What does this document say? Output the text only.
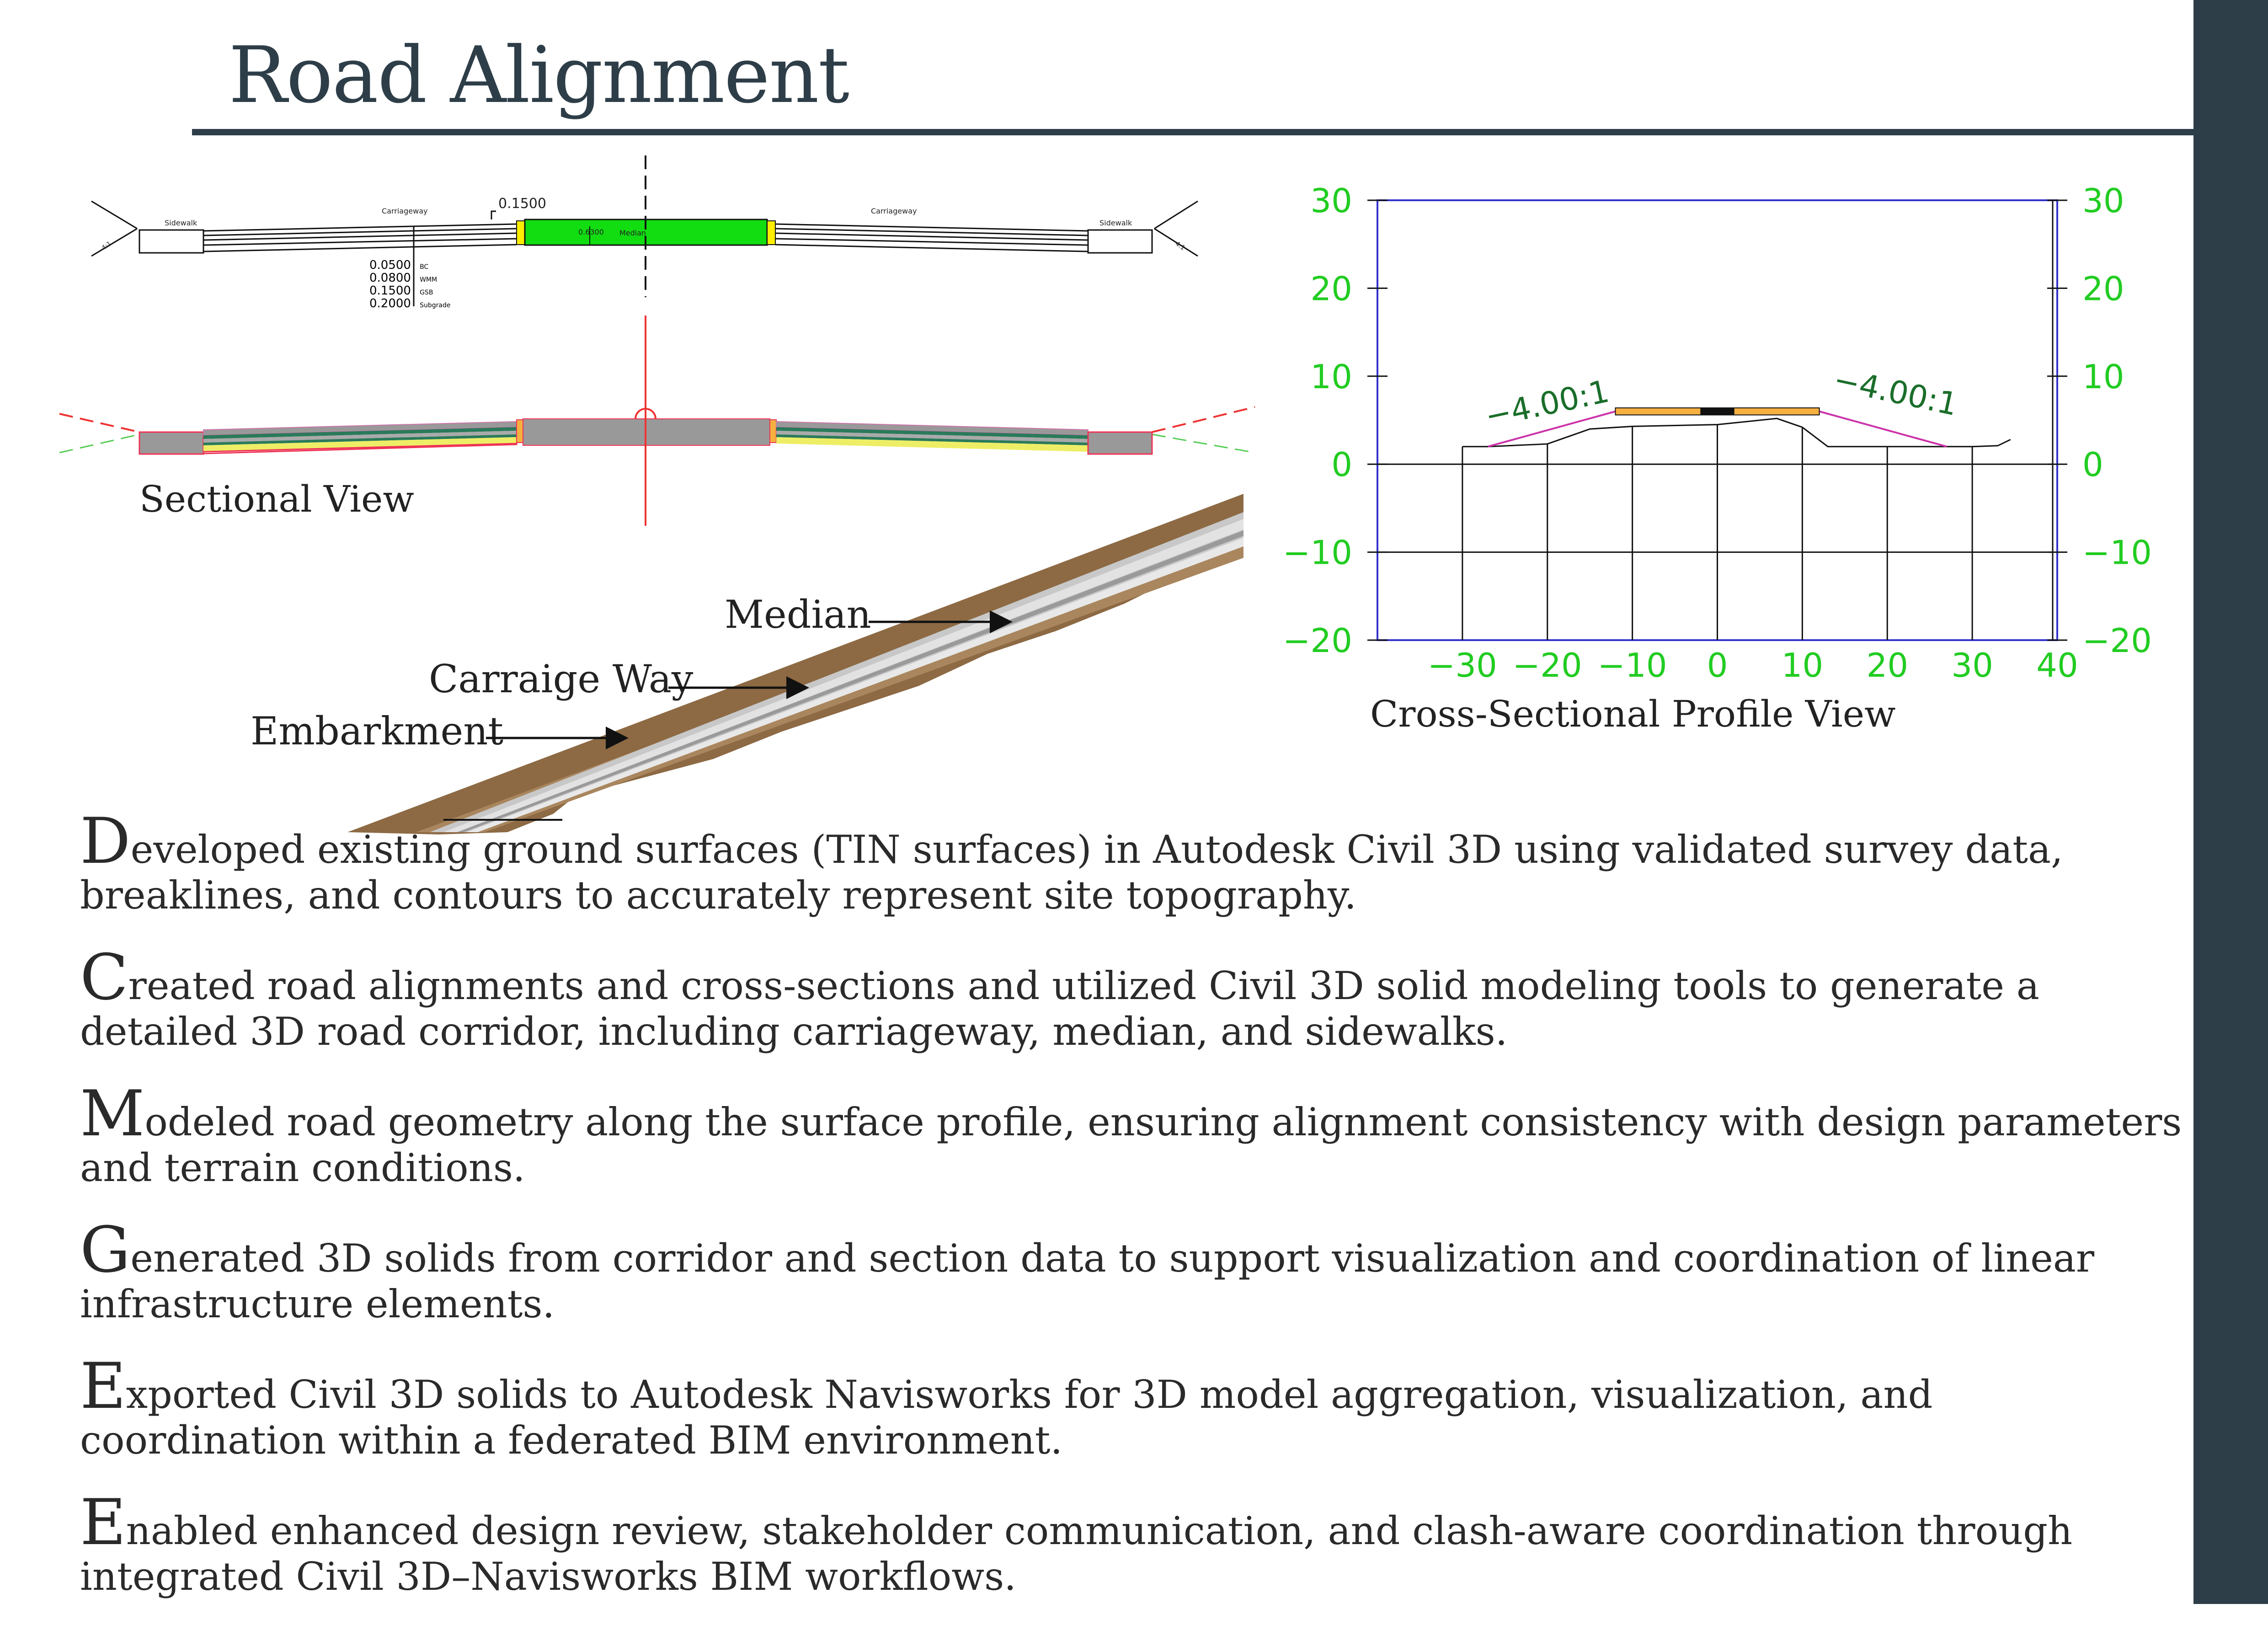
Road Alignment
0.1500
Sidewalk
Carriageway
0.6300 Median
Carriageway
Sidewalk
4:1	4:1
0.0500 BC
0.0800 WMM
0.1500 GSB
0.2000 Subgrade
Sectional View
Median
Carraige Way
Embarkment
30	30
20	20
10	10
0	0
−10	−10
−20	−20
−30 −20 −10 0 10 20 30 40
−4.00:1	−4.00:1
Cross-Sectional Profile View
Developed existing ground surfaces (TIN surfaces) in Autodesk Civil 3D using validated survey data, breaklines, and contours to accurately represent site topography.
Created road alignments and cross-sections and utilized Civil 3D solid modeling tools to generate a detailed 3D road corridor, including carriageway, median, and sidewalks.
Modeled road geometry along the surface profile, ensuring alignment consistency with design parameters and terrain conditions.
Generated 3D solids from corridor and section data to support visualization and coordination of linear infrastructure elements.
Exported Civil 3D solids to Autodesk Navisworks for 3D model aggregation, visualization, and coordination within a federated BIM environment.
Enabled enhanced design review, stakeholder communication, and clash-aware coordination through integrated Civil 3D–Navisworks BIM workflows.
